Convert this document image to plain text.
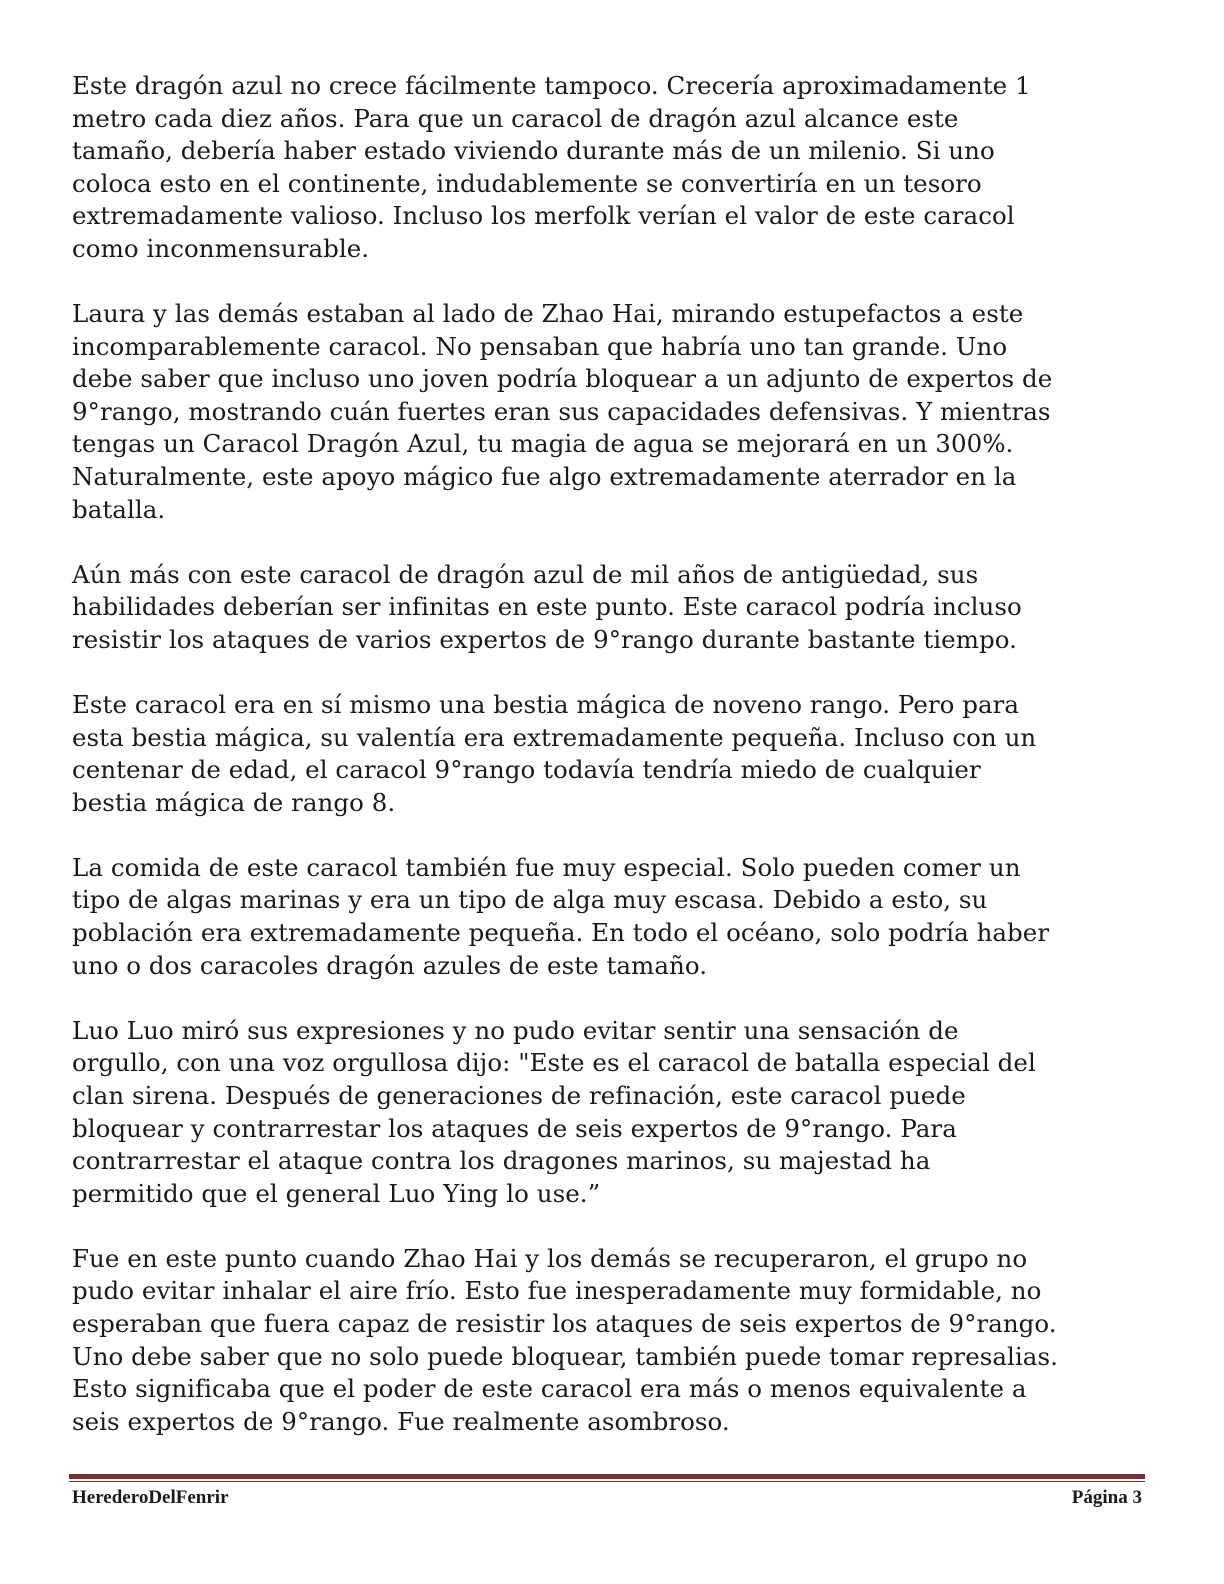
Este dragón azul no crece fácilmente tampoco. Crecería aproximadamente 1
metro cada diez años. Para que un caracol de dragón azul alcance este
tamaño, debería haber estado viviendo durante más de un milenio. Si uno
coloca esto en el continente, indudablemente se convertiría en un tesoro
extremadamente valioso. Incluso los merfolk verían el valor de este caracol
como inconmensurable.

Laura y las demás estaban al lado de Zhao Hai, mirando estupefactos a este
incomparablemente caracol. No pensaban que habría uno tan grande. Uno
debe saber que incluso uno joven podría bloquear a un adjunto de expertos de
9°rango, mostrando cuán fuertes eran sus capacidades defensivas. Y mientras
tengas un Caracol Dragón Azul, tu magia de agua se mejorará en un 300%.
Naturalmente, este apoyo mágico fue algo extremadamente aterrador en la
batalla.

Aún más con este caracol de dragón azul de mil años de antigüedad, sus
habilidades deberían ser infinitas en este punto. Este caracol podría incluso
resistir los ataques de varios expertos de 9°rango durante bastante tiempo.

Este caracol era en sí mismo una bestia mágica de noveno rango. Pero para
esta bestia mágica, su valentía era extremadamente pequeña. Incluso con un
centenar de edad, el caracol 9°rango todavía tendría miedo de cualquier
bestia mágica de rango 8.

La comida de este caracol también fue muy especial. Solo pueden comer un
tipo de algas marinas y era un tipo de alga muy escasa. Debido a esto, su
población era extremadamente pequeña. En todo el océano, solo podría haber
uno o dos caracoles dragón azules de este tamaño.

Luo Luo miró sus expresiones y no pudo evitar sentir una sensación de
orgullo, con una voz orgullosa dijo: "Este es el caracol de batalla especial del
clan sirena. Después de generaciones de refinación, este caracol puede
bloquear y contrarrestar los ataques de seis expertos de 9°rango. Para
contrarrestar el ataque contra los dragones marinos, su majestad ha
permitido que el general Luo Ying lo use.”

Fue en este punto cuando Zhao Hai y los demás se recuperaron, el grupo no
pudo evitar inhalar el aire frío. Esto fue inesperadamente muy formidable, no
esperaban que fuera capaz de resistir los ataques de seis expertos de 9°rango.
Uno debe saber que no solo puede bloquear, también puede tomar represalias.
Esto significaba que el poder de este caracol era más o menos equivalente a
seis expertos de 9°rango. Fue realmente asombroso.

HerederoDelFenrir	Página 3
